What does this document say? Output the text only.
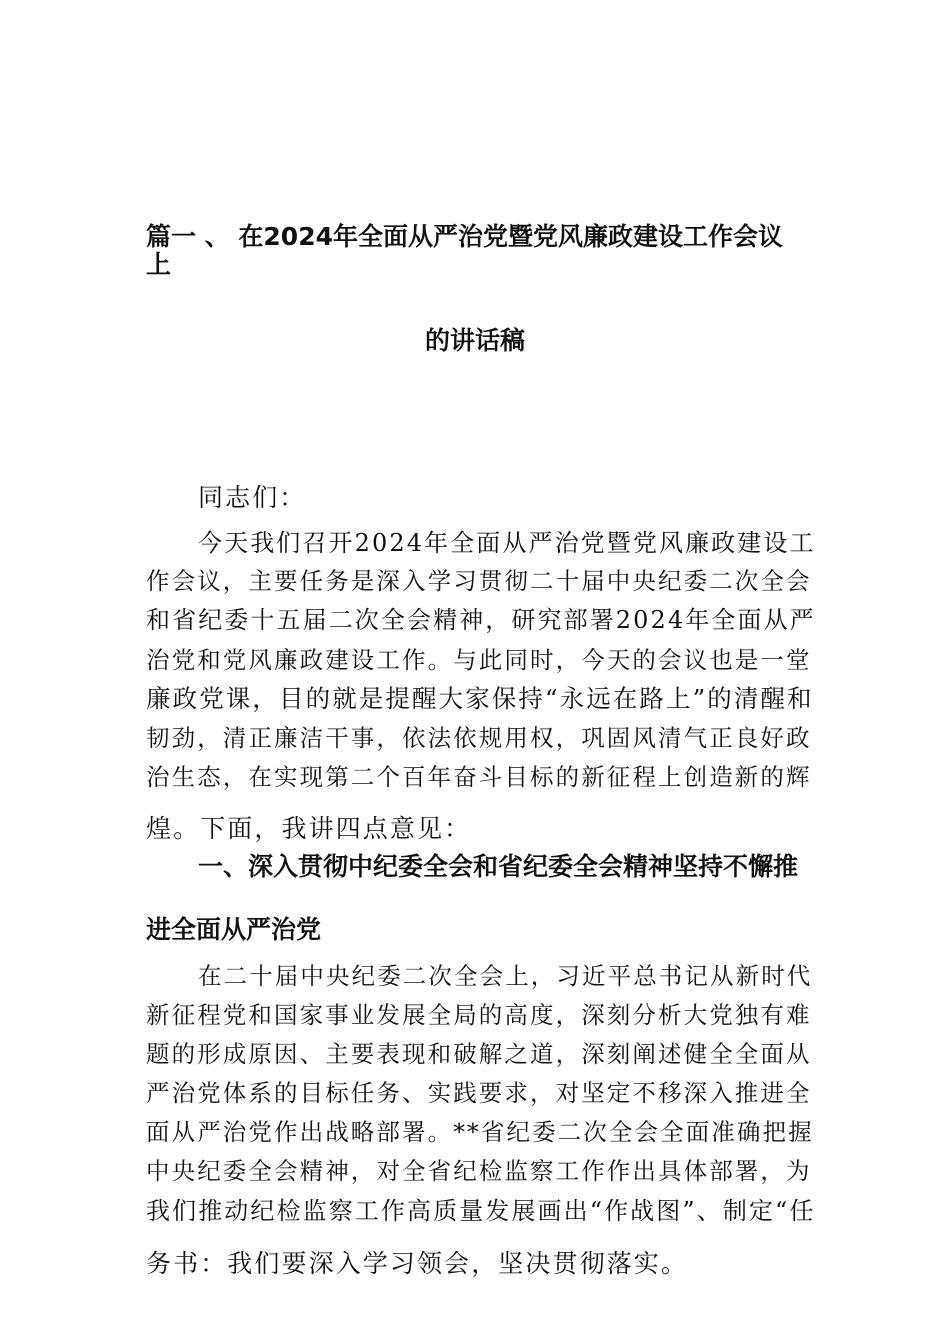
篇一 、 在2024年全面从严治党暨党风廉政建设工作会议
上
的讲话稿
同志们：
今天我们召开2024年全面从严治党暨党风廉政建设工
作会议，主要任务是深入学习贯彻二十届中央纪委二次全会
和省纪委十五届二次全会精神，研究部署2024年全面从严
治党和党风廉政建设工作。与此同时，今天的会议也是一堂
廉政党课，目的就是提醒大家保持“永远在路上”的清醒和
韧劲，清正廉洁干事，依法依规用权，巩固风清气正良好政
治生态，在实现第二个百年奋斗目标的新征程上创造新的辉
煌。下面，我讲四点意见：
一、深入贯彻中纪委全会和省纪委全会精神坚持不懈推
进全面从严治党
在二十届中央纪委二次全会上，习近平总书记从新时代
新征程党和国家事业发展全局的高度，深刻分析大党独有难
题的形成原因、主要表现和破解之道，深刻阐述健全全面从
严治党体系的目标任务、实践要求，对坚定不移深入推进全
面从严治党作出战略部署。**省纪委二次全会全面准确把握
中央纪委全会精神，对全省纪检监察工作作出具体部署，为
我们推动纪检监察工作高质量发展画出“作战图”、制定“任
务书：我们要深入学习领会，坚决贯彻落实。
